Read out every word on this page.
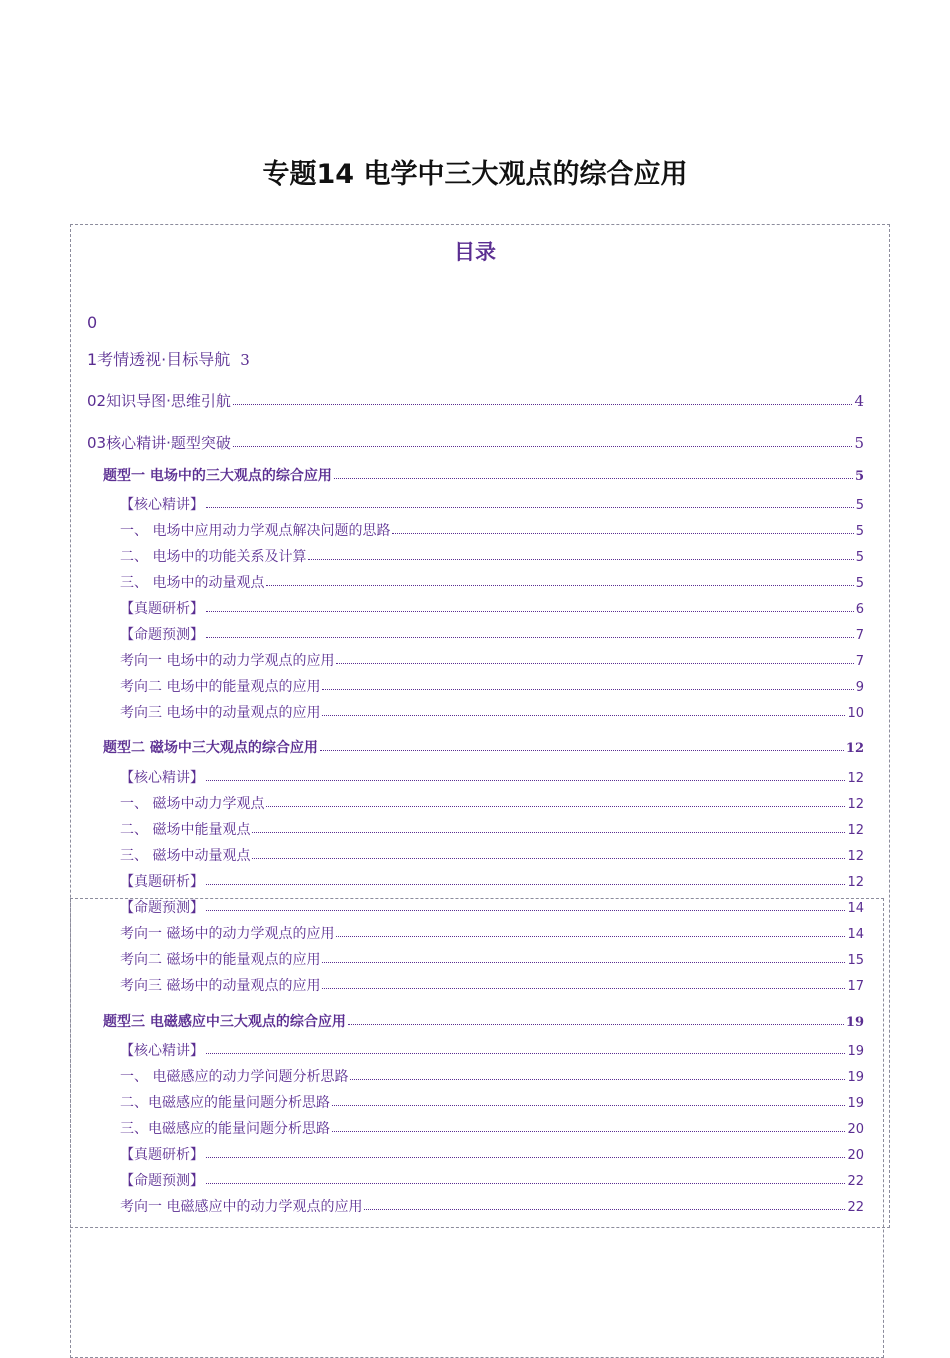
专题14 电学中三大观点的综合应用
目录
0
1考情透视·目标导航 3
02知识导图·思维引航	4
03核心精讲·题型突破	5
题型一 电场中的三大观点的综合应用	5
【核心精讲】	5
一、 电场中应用动力学观点解决问题的思路	5
二、 电场中的功能关系及计算	5
三、 电场中的动量观点	5
【真题研析】	6
【命题预测】	7
考向一 电场中的动力学观点的应用	7
考向二 电场中的能量观点的应用	9
考向三 电场中的动量观点的应用	10
题型二 磁场中三大观点的综合应用	12
【核心精讲】	12
一、 磁场中动力学观点	12
二、 磁场中能量观点	12
三、 磁场中动量观点	12
【真题研析】	12
【命题预测】	14
考向一 磁场中的动力学观点的应用	14
考向二 磁场中的能量观点的应用	15
考向三 磁场中的动量观点的应用	17
题型三 电磁感应中三大观点的综合应用	19
【核心精讲】	19
一、 电磁感应的动力学问题分析思路	19
二、电磁感应的能量问题分析思路	19
三、电磁感应的能量问题分析思路	20
【真题研析】	20
【命题预测】	22
考向一 电磁感应中的动力学观点的应用	22
